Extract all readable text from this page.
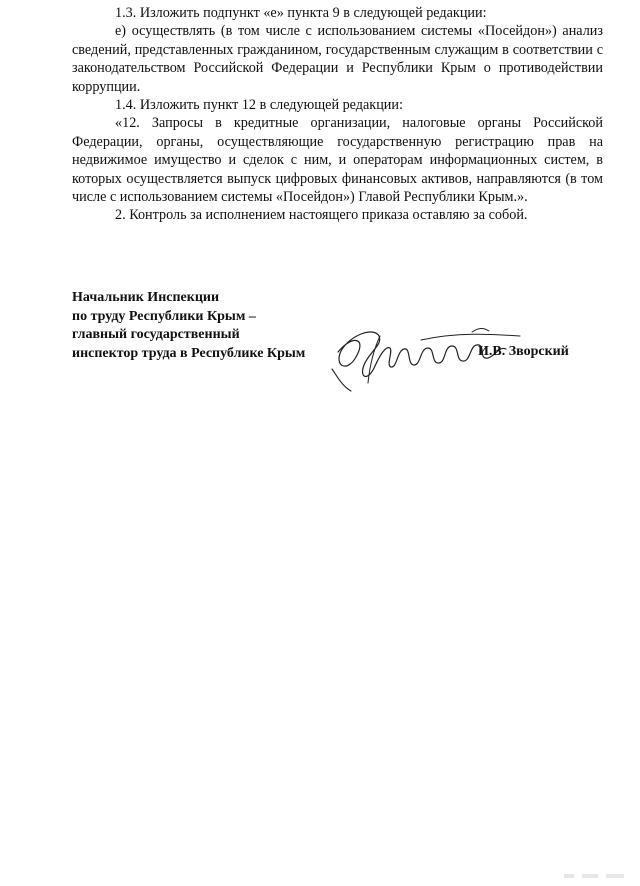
1.3. Изложить подпункт «е» пункта 9 в следующей редакции:

е) осуществлять (в том числе с использованием системы «Посейдон») анализ сведений, представленных гражданином, государственным служащим в соответствии с законодательством Российской Федерации и Республики Крым о противодействии коррупции.

1.4. Изложить пункт 12 в следующей редакции:

«12. Запросы в кредитные организации, налоговые органы Российской Федерации, органы, осуществляющие государственную регистрацию прав на недвижимое имущество и сделок с ним, и операторам информационных систем, в которых осуществляется выпуск цифровых финансовых активов, направляются (в том числе с использованием системы «Посейдон») Главой Республики Крым.».

2. Контроль за исполнением настоящего приказа оставляю за собой.

Начальник Инспекции
по труду Республики Крым –
главный государственный
инспектор труда в Республике Крым	И.В. Зворский
